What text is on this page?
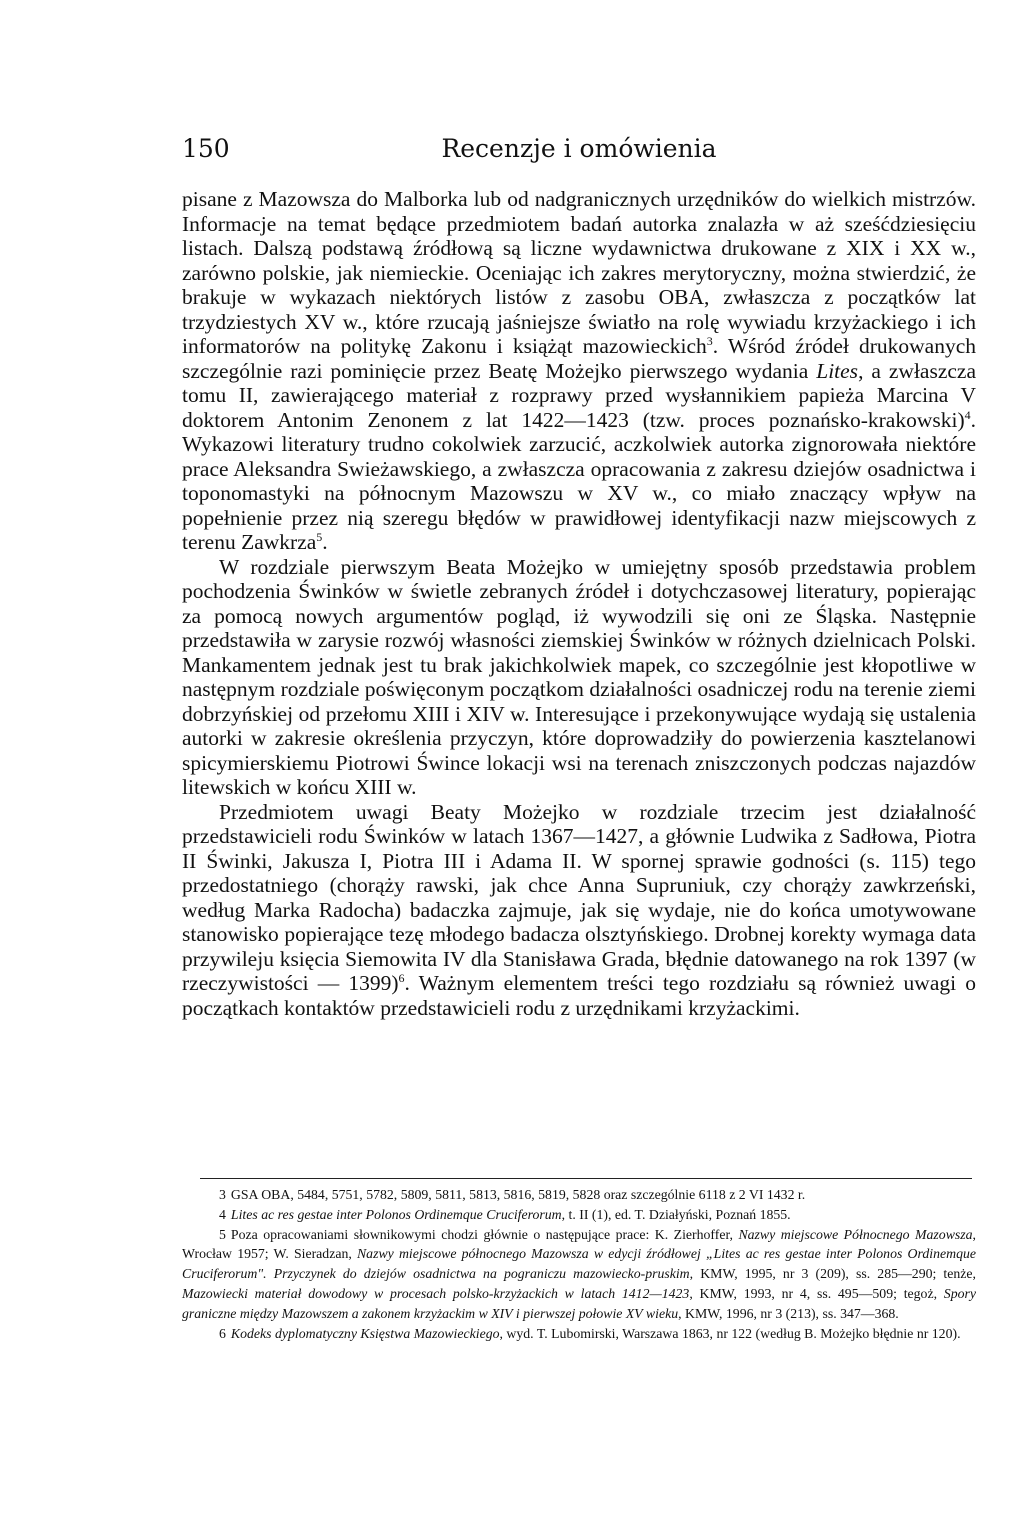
150	Recenzje i omówienia

pisane z Mazowsza do Malborka lub od nadgranicznych urzędników do wielkich mistrzów. Informacje na temat będące przedmiotem badań autorka znalazła w aż sześćdziesięciu listach. Dalszą podstawą źródłową są liczne wydawnictwa drukowane z XIX i XX w., zarówno polskie, jak niemieckie. Oceniając ich zakres merytoryczny, można stwierdzić, że brakuje w wykazach niektórych listów z zasobu OBA, zwłaszcza z początków lat trzydziestych XV w., które rzucają jaśniejsze światło na rolę wywiadu krzyżackiego i ich informatorów na politykę Zakonu i książąt mazowieckich$^3$. Wśród źródeł drukowanych szczególnie razi pominięcie przez Beatę Możejko pierwszego wydania Lites, a zwłaszcza tomu II, zawierającego materiał z rozprawy przed wysłannikiem papieża Marcina V doktorem Antonim Zenonem z lat 1422—1423 (tzw. proces poznańsko-krakowski)$^4$. Wykazowi literatury trudno cokolwiek zarzucić, aczkolwiek autorka zignorowała niektóre prace Aleksandra Swieżawskiego, a zwłaszcza opracowania z zakresu dziejów osadnictwa i toponomastyki na północnym Mazowszu w XV w., co miało znaczący wpływ na popełnienie przez nią szeregu błędów w prawidłowej identyfikacji nazw miejscowych z terenu Zawkrza$^5$.

W rozdziale pierwszym Beata Możejko w umiejętny sposób przedstawia problem pochodzenia Świnków w świetle zebranych źródeł i dotychczasowej literatury, popierając za pomocą nowych argumentów pogląd, iż wywodzili się oni ze Śląska. Następnie przedstawiła w zarysie rozwój własności ziemskiej Świnków w różnych dzielnicach Polski. Mankamentem jednak jest tu brak jakichkolwiek mapek, co szczególnie jest kłopotliwe w następnym rozdziale poświęconym początkom działalności osadniczej rodu na terenie ziemi dobrzyńskiej od przełomu XIII i XIV w. Interesujące i przekonywujące wydają się ustalenia autorki w zakresie określenia przyczyn, które doprowadziły do powierzenia kasztelanowi spicymierskiemu Piotrowi Śwince lokacji wsi na terenach zniszczonych podczas najazdów litewskich w końcu XIII w.

Przedmiotem uwagi Beaty Możejko w rozdziale trzecim jest działalność przedstawicieli rodu Świnków w latach 1367—1427, a głównie Ludwika z Sadłowa, Piotra II Świnki, Jakusza I, Piotra III i Adama II. W spornej sprawie godności (s. 115) tego przedostatniego (chorąży rawski, jak chce Anna Supruniuk, czy chorąży zawkrzeński, według Marka Radocha) badaczka zajmuje, jak się wydaje, nie do końca umotywowane stanowisko popierające tezę młodego badacza olsztyńskiego. Drobnej korekty wymaga data przywileju księcia Siemowita IV dla Stanisława Grada, błędnie datowanego na rok 1397 (w rzeczywistości — 1399)$^6$. Ważnym elementem treści tego rozdziału są również uwagi o początkach kontaktów przedstawicieli rodu z urzędnikami krzyżackimi.

3 GSA OBA, 5484, 5751, 5782, 5809, 5811, 5813, 5816, 5819, 5828 oraz szczególnie 6118 z 2 VI 1432 r.

4 Lites ac res gestae inter Polonos Ordinemque Cruciferorum, t. II (1), ed. T. Działyński, Poznań 1855.

5 Poza opracowaniami słownikowymi chodzi głównie o następujące prace: K. Zierhoffer, Nazwy miejscowe Północnego Mazowsza, Wrocław 1957; W. Sieradzan, Nazwy miejscowe północnego Mazowsza w edycji źródłowej „Lites ac res gestae inter Polonos Ordinemque Cruciferorum". Przyczynek do dziejów osadnictwa na pograniczu mazowiecko-pruskim, KMW, 1995, nr 3 (209), ss. 285—290; tenże, Mazowiecki materiał dowodowy w procesach polsko-krzyżackich w latach 1412—1423, KMW, 1993, nr 4, ss. 495—509; tegoż, Spory graniczne między Mazowszem a zakonem krzyżackim w XIV i pierwszej połowie XV wieku, KMW, 1996, nr 3 (213), ss. 347—368.

6 Kodeks dyplomatyczny Księstwa Mazowieckiego, wyd. T. Lubomirski, Warszawa 1863, nr 122 (według B. Możejko błędnie nr 120).
